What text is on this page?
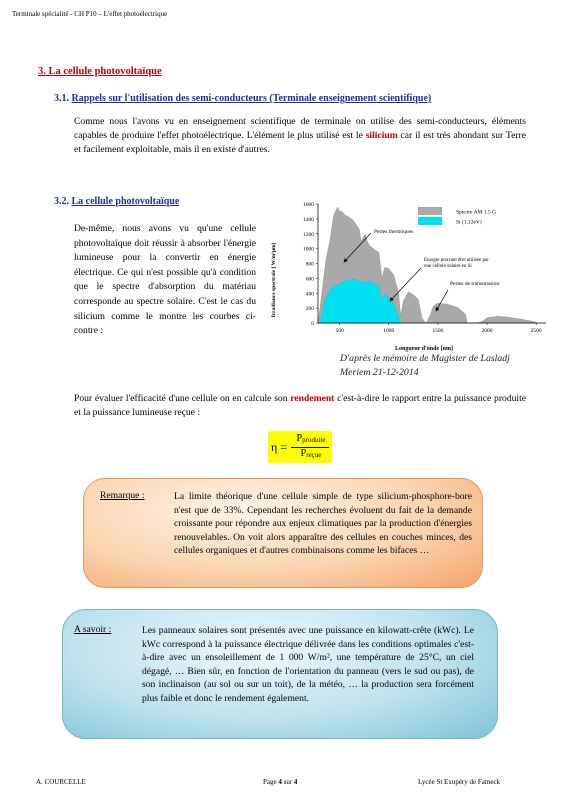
Terminale spécialité - CH P10 – L'effet photoélectrique
3. La cellule photovoltaïque
3.1. Rappels sur l'utilisation des semi-conducteurs (Terminale enseignement scientifique)
Comme nous l'avons vu en enseignement scientifique de terminale on utilise des semi-conducteurs, éléments capables de produire l'effet photoélectrique. L'élément le plus utilisé est le silicium car il est très abondant sur Terre et facilement exploitable, mais il en existe d'autres.
3.2. La cellule photovoltaïque
De-même, nous avons vu qu'une cellule photovoltaïque doit réussir à absorber l'énergie lumineuse pour la convertir en énergie électrique. Ce qui n'est possible qu'à condition que le spectre d'absorption du matériau corresponde au spectre solaire. C'est le cas du silicium comme le montre les courbes ci-contre :
0
200
400
600
800
1000
1200
1400
1600
500	1000	1500	2000	2500
Irradiance spectrale [ W/m²µm]
Longueur d'onde [nm]
Spectre AM 1.5 G
Si (1,12eV)
Pertes thermiques
Energie pouvant être utilisée par une cellule solaire en Si
Pertes de transmission
D'après le mémoire de Magister de Lasladj Meriem 21-12-2014
Pour évaluer l'efficacité d'une cellule on en calcule son rendement c'est-à-dire le rapport entre la puissance produite et la puissance lumineuse reçue :
η =
$P_{produite}$
$P_{reçue}$
Remarque :	La limite théorique d'une cellule simple de type silicium-phosphore-bore n'est que de 33%. Cependant les recherches évoluent du fait de la demande croissante pour répondre aux enjeux climatiques par la production d'énergies renouvelables. On voit alors apparaître des cellules en couches minces, des cellules organiques et d'autres combinaisons comme les bifaces …
A savoir :	Les panneaux solaires sont présentés avec une puissance en kilowatt-crête (kWc). Le kWc correspond à la puissance électrique délivrée dans les conditions optimales c'est-à-dire avec un ensoleillement de 1 000 W/m², une température de 25°C, un ciel dégagé, … Bien sûr, en fonction de l'orientation du panneau (vers le sud ou pas), de son inclinaison (au sol ou sur un toit), de la météo, … la production sera forcément plus faible et donc le rendement également.
A. COURCELLE	Page 4 sur 4	Lycée St Exupéry de Fameck
